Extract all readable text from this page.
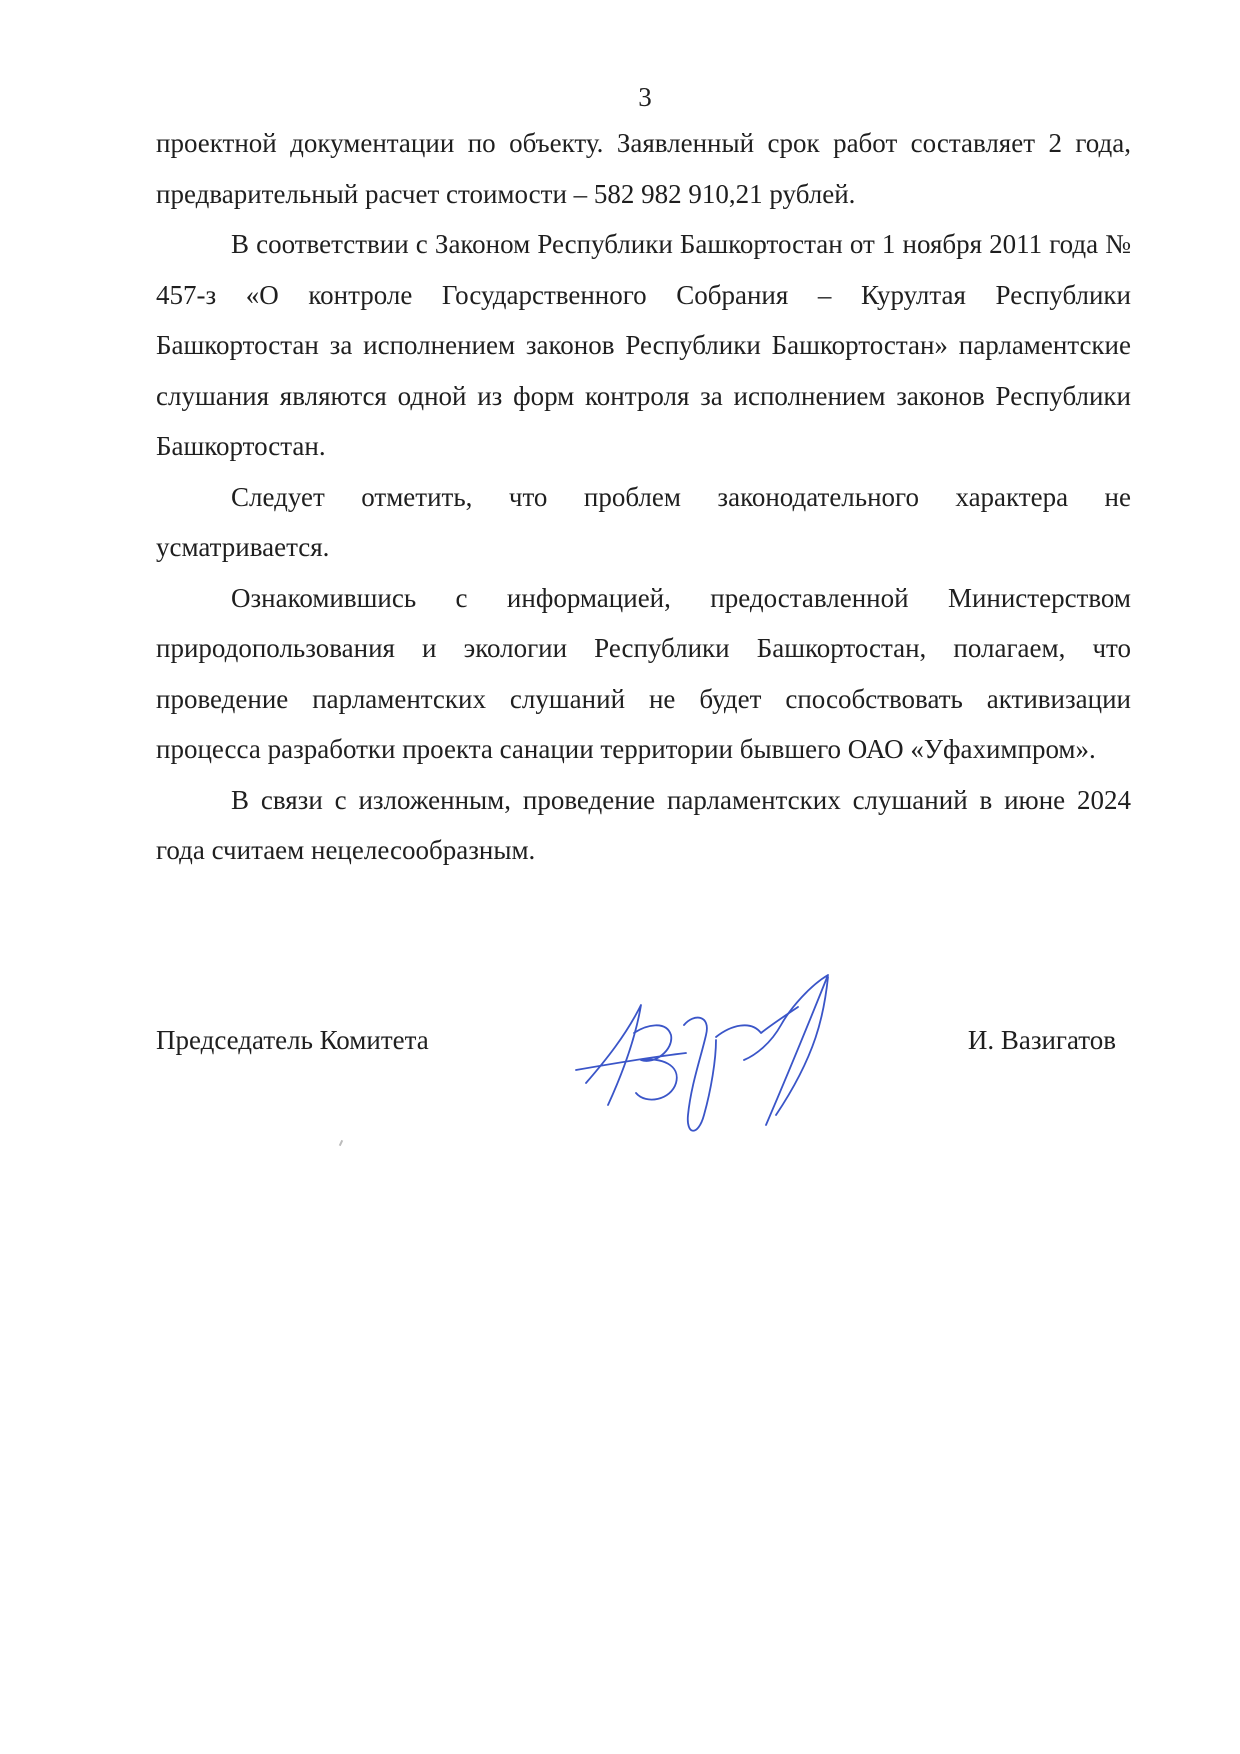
3

проектной документации по объекту. Заявленный срок работ составляет 2 года, предварительный расчет стоимости – 582 982 910,21 рублей.

В соответствии с Законом Республики Башкортостан от 1 ноября 2011 года № 457-з «О контроле Государственного Собрания – Курултая Республики Башкортостан за исполнением законов Республики Башкортостан» парламентские слушания являются одной из форм контроля за исполнением законов Республики Башкортостан.

Следует отметить, что проблем законодательного характера не усматривается.

Ознакомившись с информацией, предоставленной Министерством природопользования и экологии Республики Башкортостан, полагаем, что проведение парламентских слушаний не будет способствовать активизации процесса разработки проекта санации территории бывшего ОАО «Уфахимпром».

В связи с изложенным, проведение парламентских слушаний в июне 2024 года считаем нецелесообразным.

Председатель Комитета	И. Вазигатов
